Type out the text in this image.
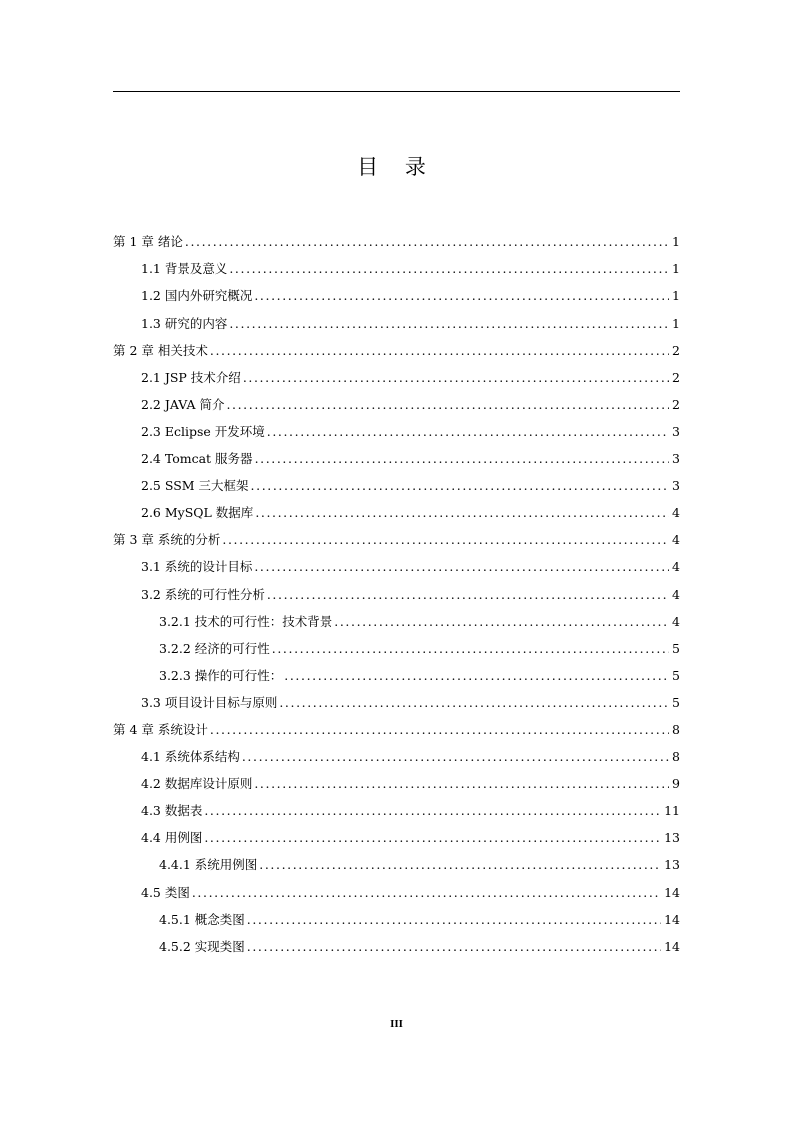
目 录
第 1 章 绪论 .....	1
1.1 背景及意义 .....	1
1.2 国内外研究概况 .....	1
1.3 研究的内容 .....	1
第 2 章 相关技术 .....	2
2.1 JSP 技术介绍 .....	2
2.2 JAVA 简介 .....	2
2.3 Eclipse 开发环境 .....	3
2.4 Tomcat 服务器 .....	3
2.5 SSM 三大框架 .....	3
2.6 MySQL 数据库 .....	4
第 3 章 系统的分析 .....	4
3.1 系统的设计目标 .....	4
3.2 系统的可行性分析 .....	4
3.2.1 技术的可行性：技术背景 .....	4
3.2.2 经济的可行性 .....	5
3.2.3 操作的可行性： .....	5
3.3 项目设计目标与原则 .....	5
第 4 章 系统设计 .....	8
4.1 系统体系结构 .....	8
4.2 数据库设计原则 .....	9
4.3 数据表 .....	11
4.4 用例图 .....	13
4.4.1 系统用例图 .....	13
4.5 类图 .....	14
4.5.1 概念类图 .....	14
4.5.2 实现类图 .....	14
III
